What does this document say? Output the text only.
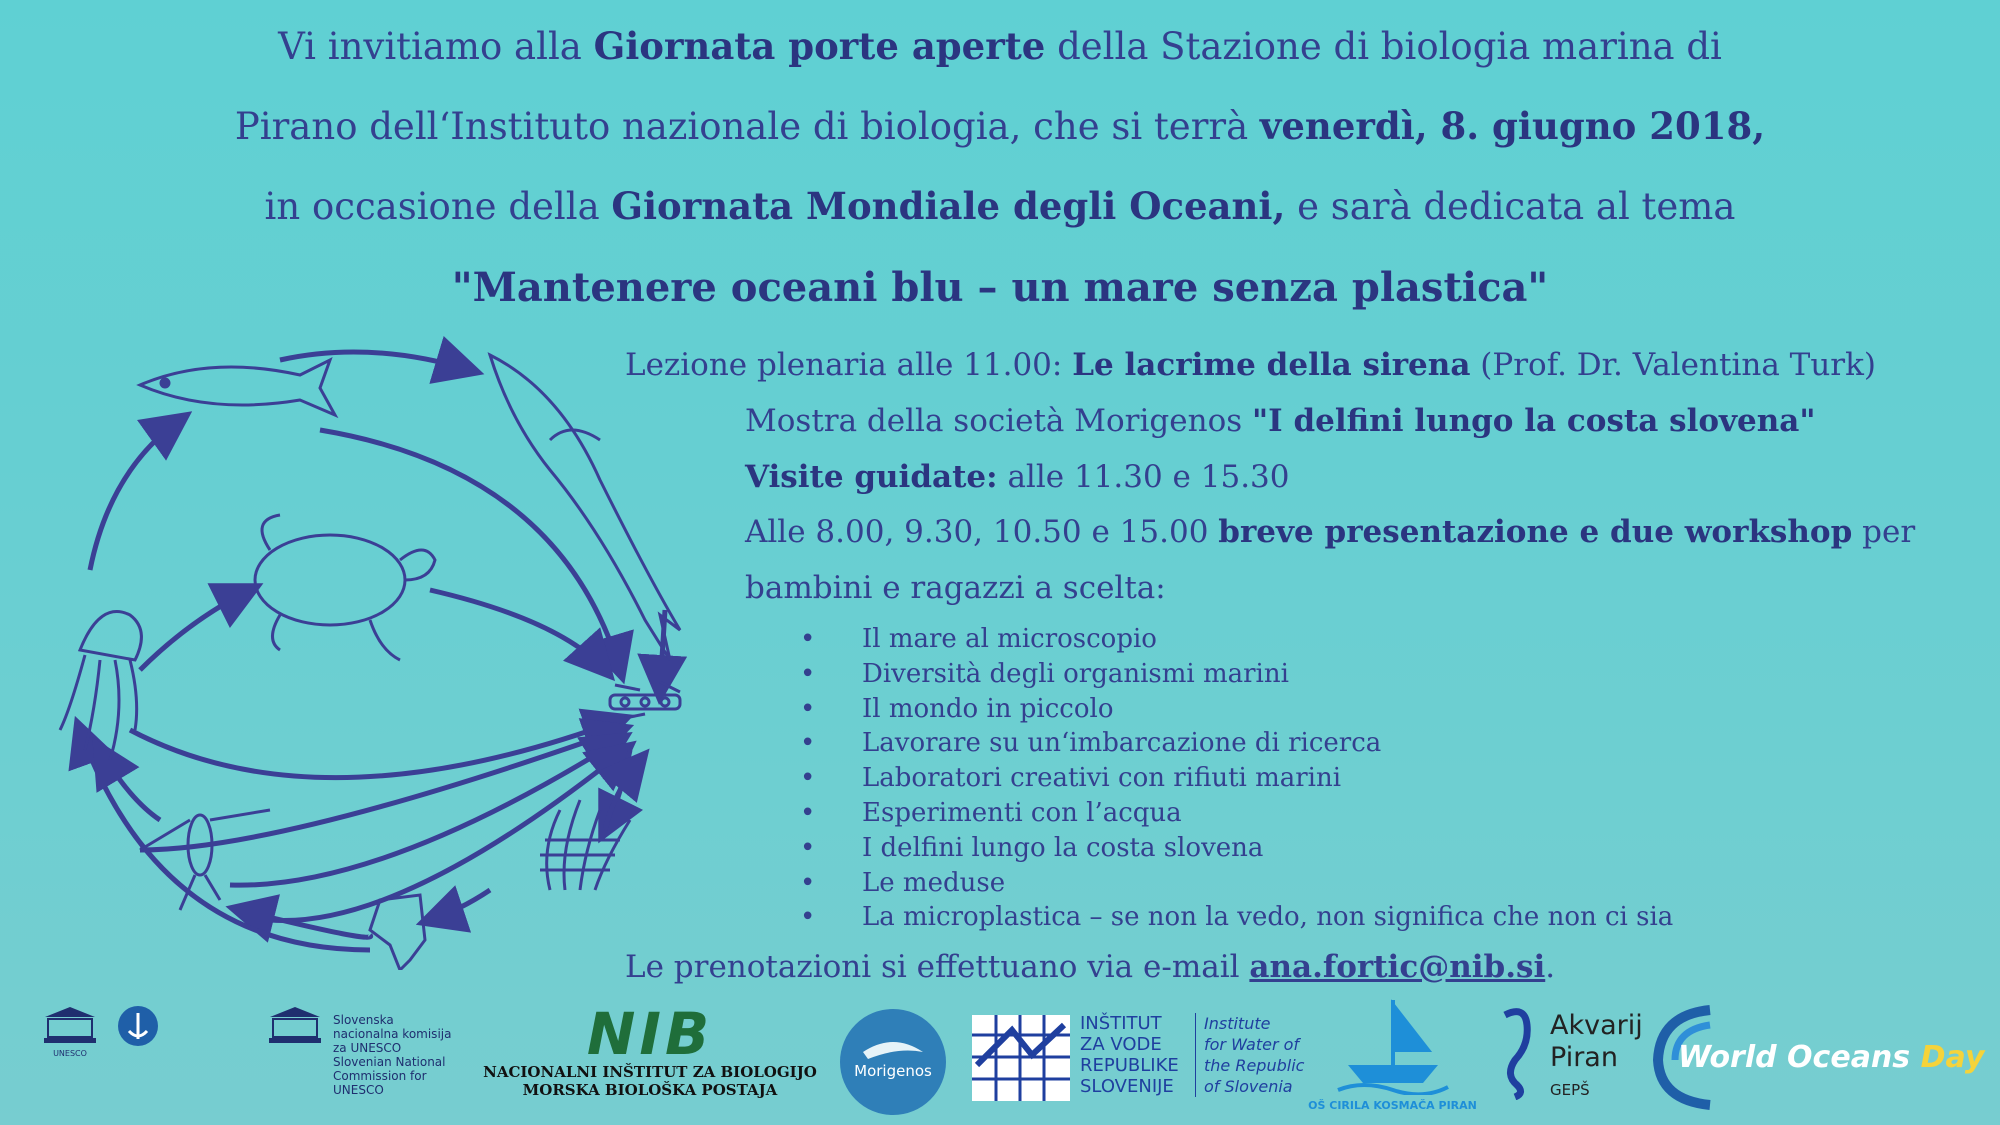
Vi invitiamo alla Giornata porte aperte della Stazione di biologia marina di
Pirano dell‘Instituto nazionale di biologia, che si terrà venerdì, 8. giugno 2018,
in occasione della Giornata Mondiale degli Oceani, e sarà dedicata al tema
"Mantenere oceani blu – un mare senza plastica"
Lezione plenaria alle 11.00: Le lacrime della sirena (Prof. Dr. Valentina Turk)
Mostra della società Morigenos "I delfini lungo la costa slovena"
Visite guidate: alle 11.30 e 15.30
Alle 8.00, 9.30, 10.50 e 15.00 breve presentazione e due workshop per
bambini e ragazzi a scelta:
• Il mare al microscopio
• Diversità degli organismi marini
• Il mondo in piccolo
• Lavorare su un‘imbarcazione di ricerca
• Laboratori creativi con rifiuti marini
• Esperimenti con l’acqua
• I delfini lungo la costa slovena
• Le meduse
• La microplastica – se non la vedo, non significa che non ci sia
Le prenotazioni si effettuano via e-mail ana.fortic@nib.si.
UNESCO
Slovenska nacionalna komisija za UNESCO
Slovenian National Commission for UNESCO
NIB
NACIONALNI INŠTITUT ZA BIOLOGIJO
MORSKA BIOLOŠKA POSTAJA
Morigenos
INŠTITUT
ZA VODE
REPUBLIKE
SLOVENIJE
Institute
for Water of
the Republic
of Slovenia
OŠ CIRILA KOSMAČA PIRAN
Akvarij
Piran
GEPŠ
World Oceans Day
